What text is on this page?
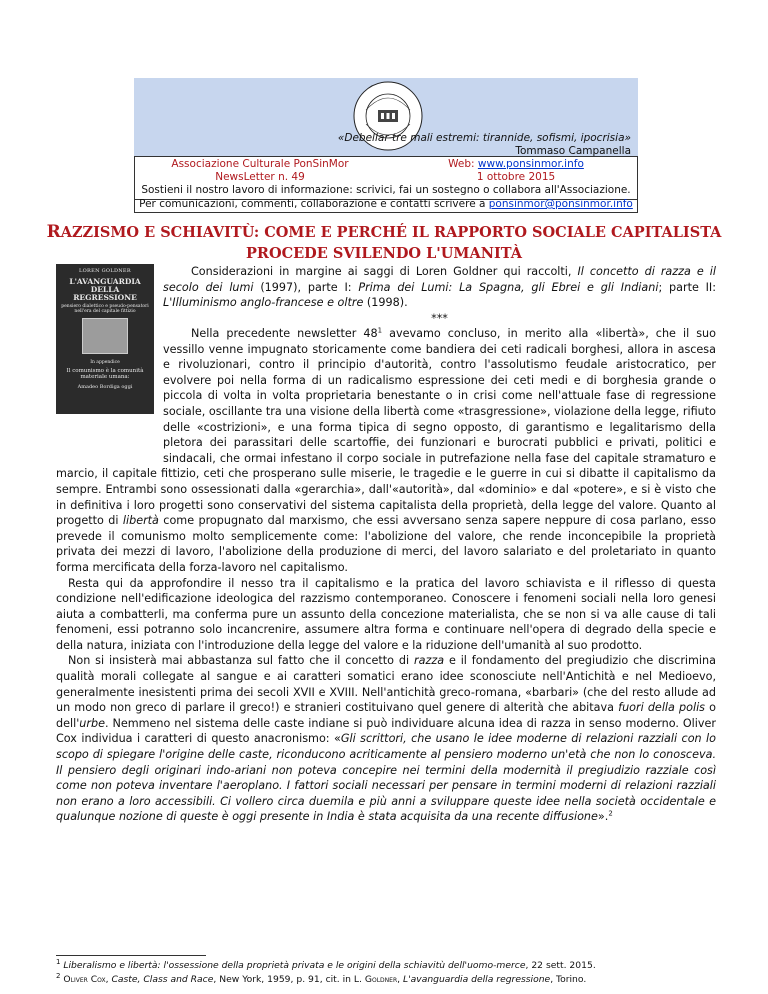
«Debellar tre mali estremi: tirannide, sofismi, ipocrisia»
Tommaso Campanella
Associazione Culturale PonSinMor	Web: www.ponsinmor.info
NewsLetter n. 49	1 ottobre 2015
Sostieni il nostro lavoro di informazione: scrivici, fai un sostegno o collabora all'Associazione.
Per comunicazioni, commenti, collaborazione e contatti scrivere a ponsinmor@ponsinmor.info
RAZZISMO E SCHIAVITÙ: COME E PERCHÉ IL RAPPORTO SOCIALE CAPITALISTA
PROCEDE SVILENDO L'UMANITÀ
LOREN GOLDNER
L'AVANGUARDIA DELLA REGRESSIONE
pensiero dialettico e pseudo-pensatori nell'era del capitale fittizio
In appendice
Il comunismo è la comunità materiale umana:
Amadeo Bordiga oggi

Considerazioni in margine ai saggi di Loren Goldner qui raccolti, Il concetto di razza e il secolo dei lumi (1997), parte I: Prima dei Lumi: La Spagna, gli Ebrei e gli Indiani; parte II: L'Illuminismo anglo-francese e oltre (1998).

***

Nella precedente newsletter $48^1$ avevamo concluso, in merito alla «libertà», che il suo vessillo venne impugnato storicamente come bandiera dei ceti radicali borghesi, allora in ascesa e rivoluzionari, contro il principio d'autorità, contro l'assolutismo feudale aristocratico, per evolvere poi nella forma di un radicalismo espressione dei ceti medi e di borghesia grande o piccola di volta in volta proprietaria benestante o in crisi come nell'attuale fase di regressione sociale, oscillante tra una visione della libertà come «trasgressione», violazione della legge, rifiuto delle «costrizioni», e una forma tipica di segno opposto, di garantismo e legalitarismo della pletora dei parassitari delle scartoffie, dei funzionari e burocrati pubblici e privati, politici e sindacali, che ormai infestano il corpo sociale in putrefazione nella fase del capitale stramaturo e marcio, il capitale fittizio, ceti che prosperano sulle miserie, le tragedie e le guerre in cui si dibatte il capitalismo da sempre. Entrambi sono ossessionati dalla «gerarchia», dall'«autorità», dal «dominio» e dal «potere», e si è visto che in definitiva i loro progetti sono conservativi del sistema capitalista della proprietà, della legge del valore. Quanto al progetto di libertà come propugnato dal marxismo, che essi avversano senza sapere neppure di cosa parlano, esso prevede il comunismo molto semplicemente come: l'abolizione del valore, che rende inconcepibile la proprietà privata dei mezzi di lavoro, l'abolizione della produzione di merci, del lavoro salariato e del proletariato in quanto forma mercificata della forza-lavoro nel capitalismo.

Resta qui da approfondire il nesso tra il capitalismo e la pratica del lavoro schiavista e il riflesso di questa condizione nell'edificazione ideologica del razzismo contemporaneo. Conoscere i fenomeni sociali nella loro genesi aiuta a combatterli, ma conferma pure un assunto della concezione materialista, che se non si va alle cause di tali fenomeni, essi potranno solo incancrenire, assumere altra forma e continuare nell'opera di degrado della specie e della natura, iniziata con l'introduzione della legge del valore e la riduzione dell'umanità al suo prodotto.

Non si insisterà mai abbastanza sul fatto che il concetto di razza e il fondamento del pregiudizio che discrimina qualità morali collegate al sangue e ai caratteri somatici erano idee sconosciute nell'Antichità e nel Medioevo, generalmente inesistenti prima dei secoli XVII e XVIII. Nell'antichità greco-romana, «barbari» (che del resto allude ad un modo non greco di parlare il greco!) e stranieri costituivano quel genere di alterità che abitava fuori della polis o dell'urbe. Nemmeno nel sistema delle caste indiane si può individuare alcuna idea di razza in senso moderno. Oliver Cox individua i caratteri di questo anacronismo: «Gli scrittori, che usano le idee moderne di relazioni razziali con lo scopo di spiegare l'origine delle caste, riconducono acriticamente al pensiero moderno un'età che non lo conosceva. Il pensiero degli originari indo-ariani non poteva concepire nei termini della modernità il pregiudizio razziale così come non poteva inventare l'aeroplano. I fattori sociali necessari per pensare in termini moderni di relazioni razziali non erano a loro accessibili. Ci vollero circa duemila e più anni a sviluppare queste idee nella società occidentale e qualunque nozione di queste è oggi presente in India è stata acquisita da una recente diffusione».$^2$

$^1$ Liberalismo e libertà: l'ossessione della proprietà privata e le origini della schiavitù dell'uomo-merce, 22 sett. 2015.
$^2$ Oliver Cox, Caste, Class and Race, New York, 1959, p. 91, cit. in L. Goldner, L'avanguardia della regressione, Torino.
